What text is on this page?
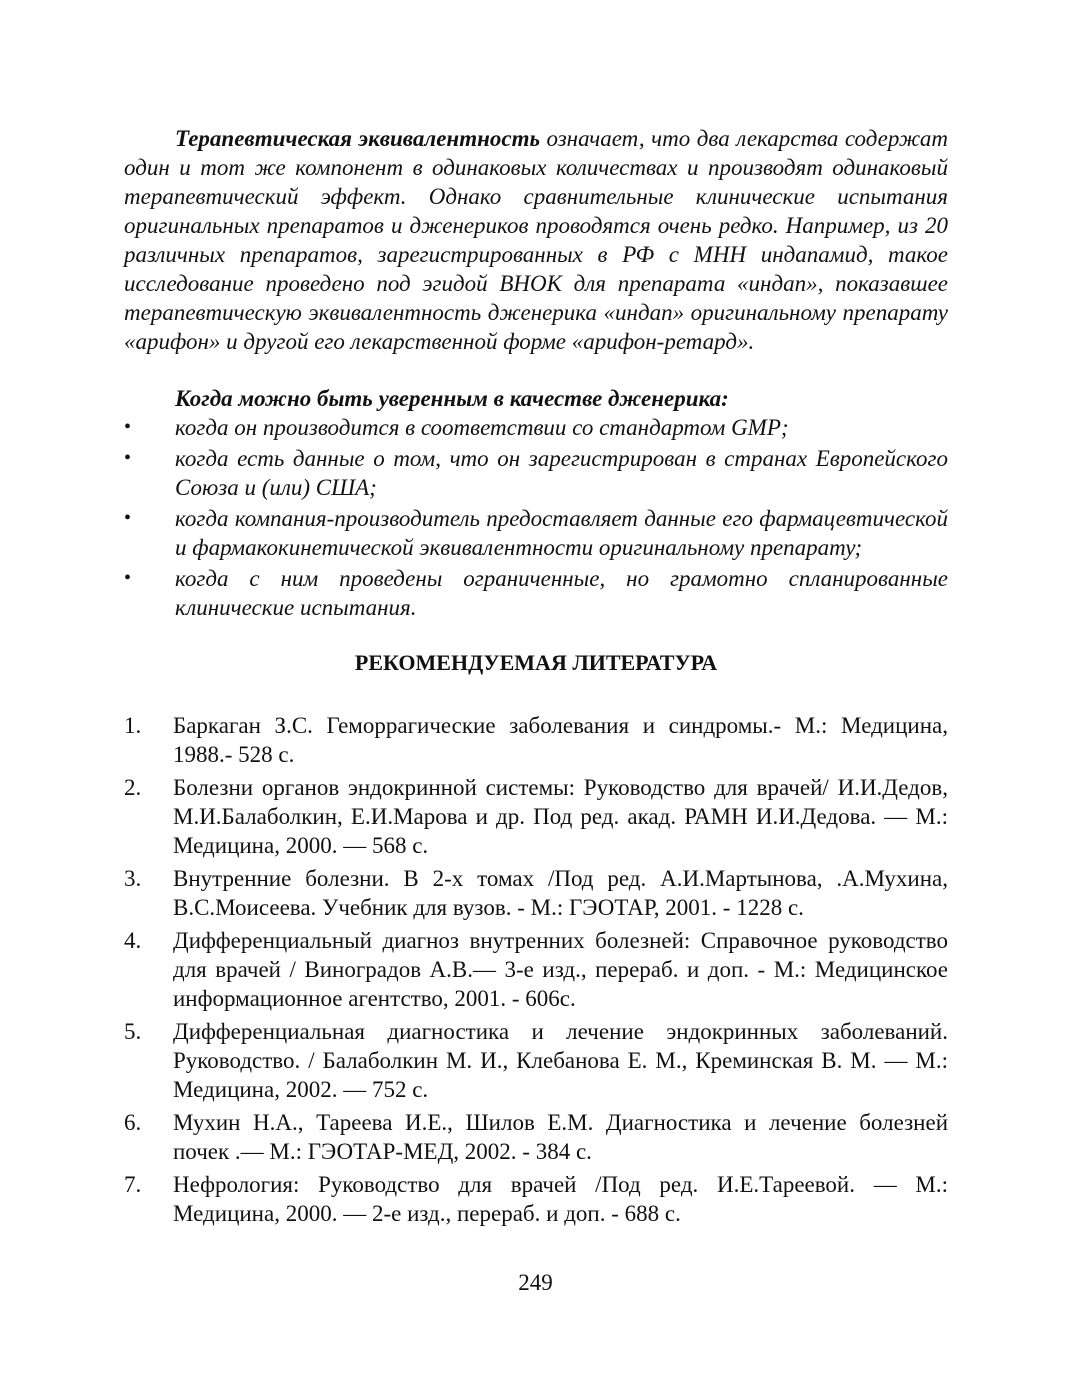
Терапевтическая эквивалентность означает, что два лекарства содержат один и тот же компонент в одинаковых количествах и производят одинаковый терапевтический эффект. Однако сравнительные клинические испытания оригинальных препаратов и дженериков проводятся очень редко. Например, из 20 различных препаратов, зарегистрированных в РФ с МНН индапамид, такое исследование проведено под эгидой ВНОК для препарата «индап», показавшее терапевтическую эквивалентность дженерика «индап» оригинальному препарату «арифон» и другой его лекарственной форме «арифон-ретард».

Когда можно быть уверенным в качестве дженерика:

• когда он производится в соответствии со стандартом GMP;
• когда есть данные о том, что он зарегистрирован в странах Европейского Союза и (или) США;
• когда компания-производитель предоставляет данные его фармацевтической и фармакокинетической эквивалентности оригинальному препарату;
• когда с ним проведены ограниченные, но грамотно спланированные клинические испытания.
РЕКОМЕНДУЕМАЯ ЛИТЕРАТУРА
1. Баркаган З.С. Геморрагические заболевания и синдромы.- М.: Медицина, 1988.- 528 с.
2. Болезни органов эндокринной системы: Руководство для врачей/ И.И.Дедов, М.И.Балаболкин, Е.И.Марова и др. Под ред. акад. РАМН И.И.Дедова. — М.: Медицина, 2000. — 568 с.
3. Внутренние болезни. В 2-х томах /Под ред. А.И.Мартынова, .А.Мухина, В.С.Моисеева. Учебник для вузов. - М.: ГЭОТАР, 2001. - 1228 с.
4. Дифференциальный диагноз внутренних болезней: Справочное руководство для врачей / Виноградов А.В.— 3-е изд., перераб. и доп. - М.: Медицинское информационное агентство, 2001. - 606с.
5. Дифференциальная диагностика и лечение эндокринных заболеваний. Руководство. / Балаболкин М. И., Клебанова Е. М., Креминская В. М. — М.: Медицина, 2002. — 752 с.
6. Мухин Н.А., Тареева И.Е., Шилов Е.М. Диагностика и лечение болезней почек .— М.: ГЭОТАР-МЕД, 2002. - 384 с.
7. Нефрология: Руководство для врачей /Под ред. И.Е.Тареевой. — М.: Медицина, 2000. — 2-е изд., перераб. и доп. - 688 с.
249
